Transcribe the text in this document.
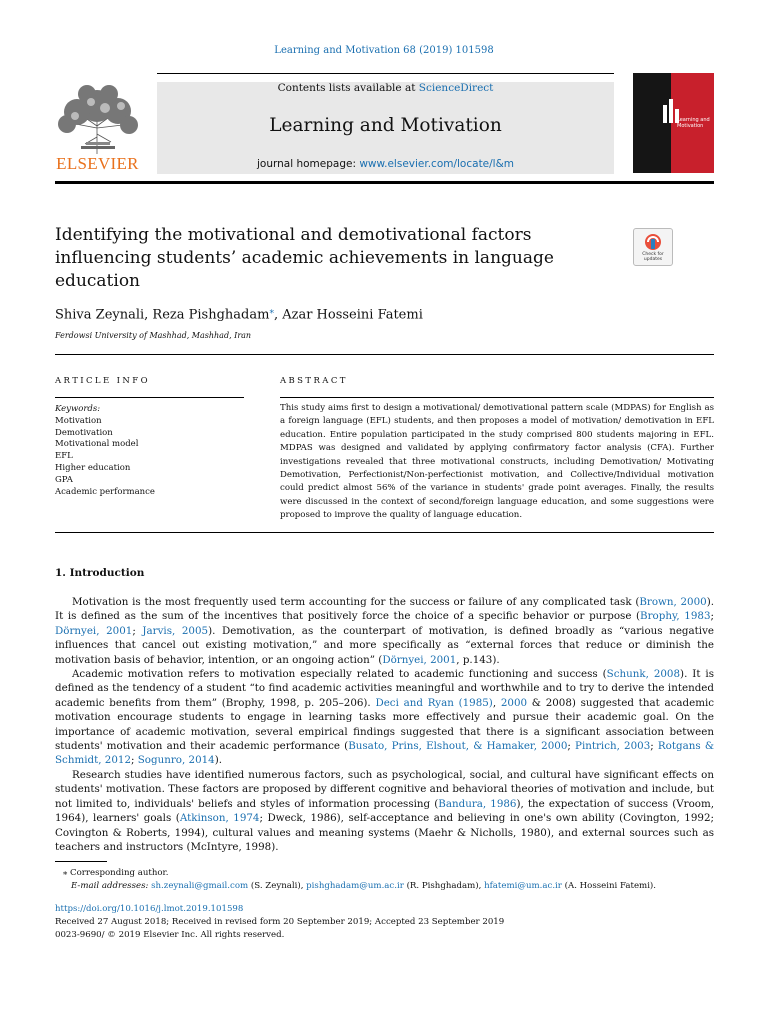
Learning and Motivation 68 (2019) 101598
ELSEVIER
Contents lists available at ScienceDirect
Learning and Motivation
journal homepage: www.elsevier.com/locate/l&m
Learning and Motivation
Identifying the motivational and demotivational factors influencing students’ academic achievements in language education
Check for updates
Shiva Zeynali, Reza Pishghadam⁎, Azar Hosseini Fatemi
Ferdowsi University of Mashhad, Mashhad, Iran
ARTICLE INFO	ABSTRACT
Keywords:
Motivation
Demotivation
Motivational model
EFL
Higher education
GPA
Academic performance
This study aims first to design a motivational/ demotivational pattern scale (MDPAS) for English as a foreign language (EFL) students, and then proposes a model of motivation/ demotivation in EFL education. Entire population participated in the study comprised 800 students majoring in EFL. MDPAS was designed and validated by applying confirmatory factor analysis (CFA). Further investigations revealed that three motivational constructs, including Demotivation/ Motivating Demotivation, Perfectionist/Non-perfectionist motivation, and Collective/Individual motivation could predict almost 56% of the variance in students' grade point averages. Finally, the results were discussed in the context of second/foreign language education, and some suggestions were proposed to improve the quality of language education.
1. Introduction

Motivation is the most frequently used term accounting for the success or failure of any complicated task (Brown, 2000). It is defined as the sum of the incentives that positively force the choice of a specific behavior or purpose (Brophy, 1983; Dörnyei, 2001; Jarvis, 2005). Demotivation, as the counterpart of motivation, is defined broadly as “various negative influences that cancel out existing motivation,” and more specifically as “external forces that reduce or diminish the motivation basis of behavior, intention, or an ongoing action” (Dörnyei, 2001, p.143).

Academic motivation refers to motivation especially related to academic functioning and success (Schunk, 2008). It is defined as the tendency of a student “to find academic activities meaningful and worthwhile and to try to derive the intended academic benefits from them” (Brophy, 1998, p. 205–206). Deci and Ryan (1985), 2000 & 2008) suggested that academic motivation encourage students to engage in learning tasks more effectively and pursue their academic goal. On the importance of academic motivation, several empirical findings suggested that there is a significant association between students' motivation and their academic performance (Busato, Prins, Elshout, & Hamaker, 2000; Pintrich, 2003; Rotgans & Schmidt, 2012; Sogunro, 2014).

Research studies have identified numerous factors, such as psychological, social, and cultural have significant effects on students' motivation. These factors are proposed by different cognitive and behavioral theories of motivation and include, but not limited to, individuals' beliefs and styles of information processing (Bandura, 1986), the expectation of success (Vroom, 1964), learners' goals (Atkinson, 1974; Dweck, 1986), self-acceptance and believing in one's own ability (Covington, 1992; Covington & Roberts, 1994), cultural values and meaning systems (Maehr & Nicholls, 1980), and external sources such as teachers and instructors (McIntyre, 1998).

⁎ Corresponding author.
E-mail addresses: sh.zeynali@gmail.com (S. Zeynali), pishghadam@um.ac.ir (R. Pishghadam), hfatemi@um.ac.ir (A. Hosseini Fatemi).
https://doi.org/10.1016/j.lmot.2019.101598
Received 27 August 2018; Received in revised form 20 September 2019; Accepted 23 September 2019
0023-9690/ © 2019 Elsevier Inc. All rights reserved.
